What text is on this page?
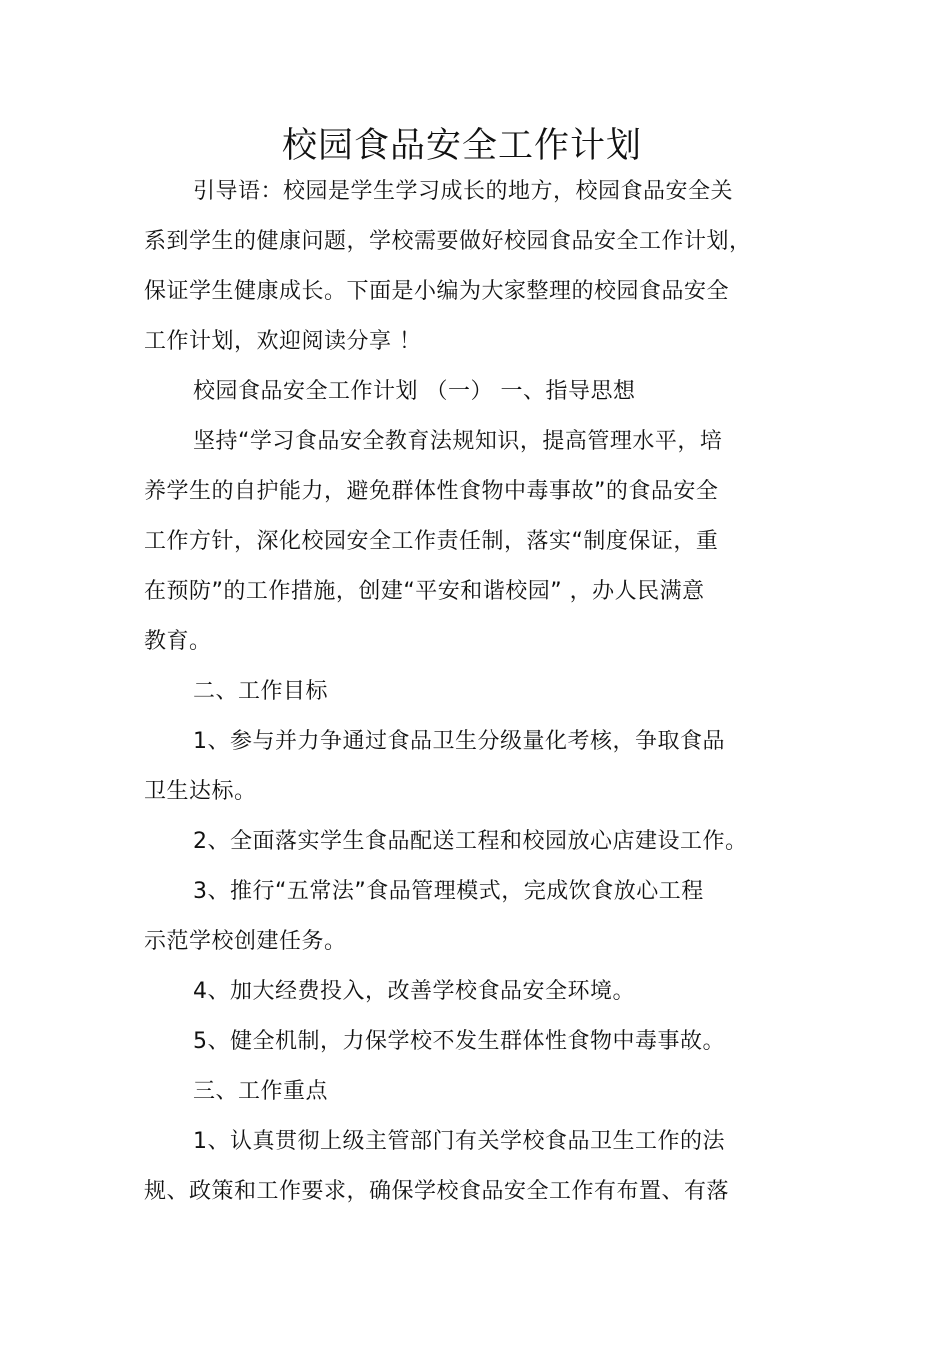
校园食品安全工作计划
引导语：校园是学生学习成长的地方，校园食品安全关
系到学生的健康问题，学校需要做好校园食品安全工作计划，
保证学生健康成长。下面是小编为大家整理的校园食品安全
工作计划，欢迎阅读分享 ！
校园食品安全工作计划 （一） 一、指导思想
坚持“学习食品安全教育法规知识，提高管理水平，培
养学生的自护能力，避免群体性食物中毒事故”的食品安全
工作方针，深化校园安全工作责任制，落实“制度保证，重
在预防”的工作措施，创建“平安和谐校园” ，办人民满意
教育。
二、工作目标
1、参与并力争通过食品卫生分级量化考核，争取食品
卫生达标。
2、全面落实学生食品配送工程和校园放心店建设工作。
3、推行“五常法”食品管理模式，完成饮食放心工程
示范学校创建任务。
4、加大经费投入，改善学校食品安全环境。
5、健全机制，力保学校不发生群体性食物中毒事故。
三、工作重点
1、认真贯彻上级主管部门有关学校食品卫生工作的法
规、政策和工作要求，确保学校食品安全工作有布置、有落
